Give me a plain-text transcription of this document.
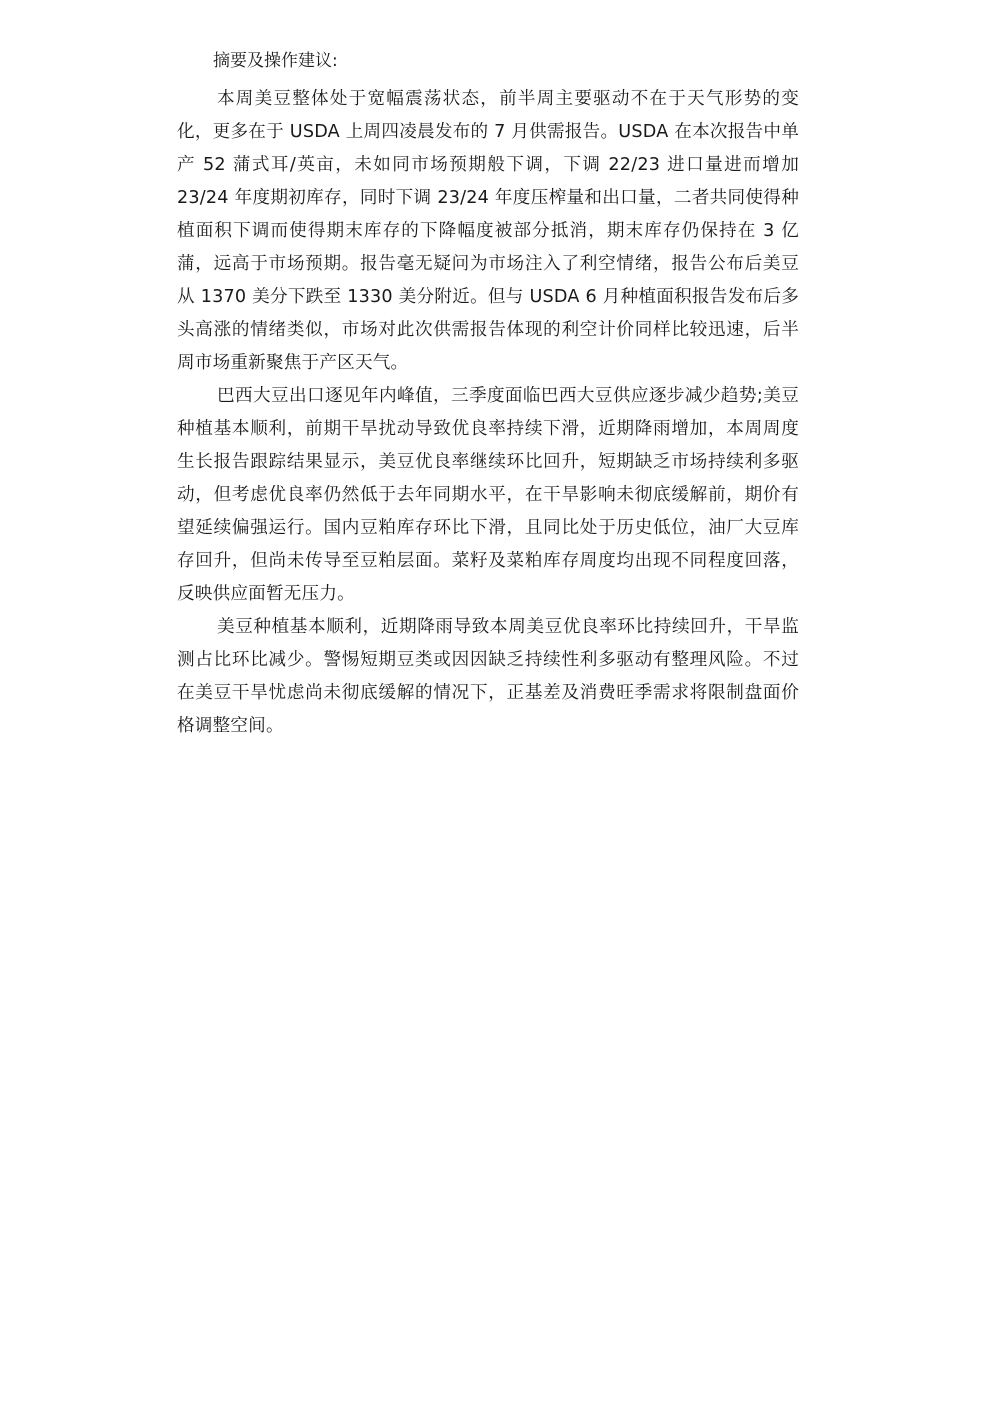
摘要及操作建议:

本周美豆整体处于宽幅震荡状态，前半周主要驱动不在于天气形势的变化，更多在于 USDA 上周四凌晨发布的 7 月供需报告。USDA 在本次报告中单产 52 蒲式耳/英亩，未如同市场预期般下调，下调 22/23 进口量进而增加 23/24 年度期初库存，同时下调 23/24 年度压榨量和出口量，二者共同使得种植面积下调而使得期末库存的下降幅度被部分抵消，期末库存仍保持在 3 亿蒲，远高于市场预期。报告毫无疑问为市场注入了利空情绪，报告公布后美豆从 1370 美分下跌至 1330 美分附近。但与 USDA 6 月种植面积报告发布后多头高涨的情绪类似，市场对此次供需报告体现的利空计价同样比较迅速，后半周市场重新聚焦于产区天气。

巴西大豆出口逐见年内峰值，三季度面临巴西大豆供应逐步减少趋势;美豆种植基本顺利，前期干旱扰动导致优良率持续下滑，近期降雨增加，本周周度生长报告跟踪结果显示，美豆优良率继续环比回升，短期缺乏市场持续利多驱动，但考虑优良率仍然低于去年同期水平，在干旱影响未彻底缓解前，期价有望延续偏强运行。国内豆粕库存环比下滑，且同比处于历史低位，油厂大豆库存回升，但尚未传导至豆粕层面。菜籽及菜粕库存周度均出现不同程度回落，反映供应面暂无压力。

美豆种植基本顺利，近期降雨导致本周美豆优良率环比持续回升，干旱监测占比环比减少。警惕短期豆类或因因缺乏持续性利多驱动有整理风险。不过在美豆干旱忧虑尚未彻底缓解的情况下，正基差及消费旺季需求将限制盘面价格调整空间。
